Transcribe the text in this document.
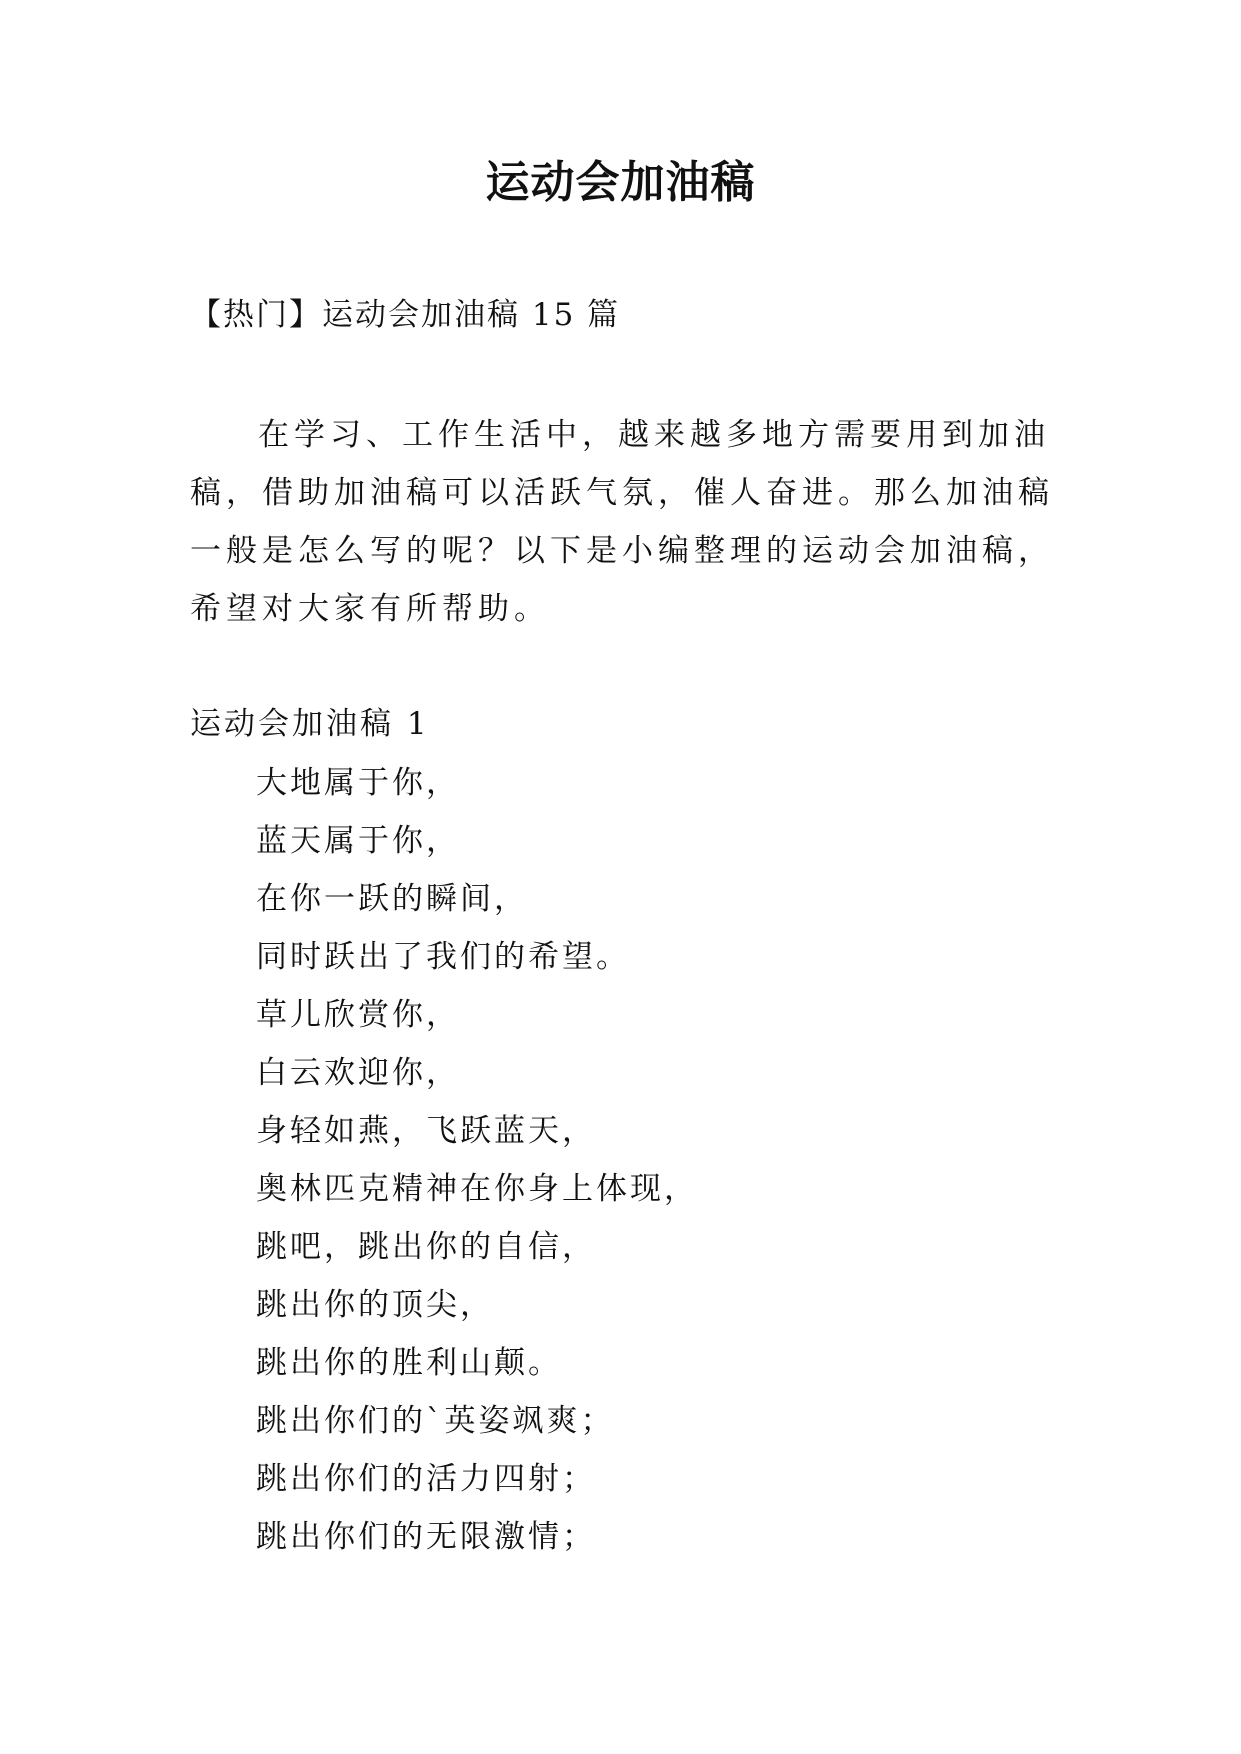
运动会加油稿
【热门】运动会加油稿 15 篇

在学习、工作生活中，越来越多地方需要用到加油稿，借助加油稿可以活跃气氛，催人奋进。那么加油稿一般是怎么写的呢？以下是小编整理的运动会加油稿，希望对大家有所帮助。

运动会加油稿 1
大地属于你，
蓝天属于你，
在你一跃的瞬间，
同时跃出了我们的希望。
草儿欣赏你，
白云欢迎你，
身轻如燕，飞跃蓝天，
奥林匹克精神在你身上体现，
跳吧，跳出你的自信，
跳出你的顶尖，
跳出你的胜利山颠。
跳出你们的`英姿飒爽；
跳出你们的活力四射；
跳出你们的无限激情；
